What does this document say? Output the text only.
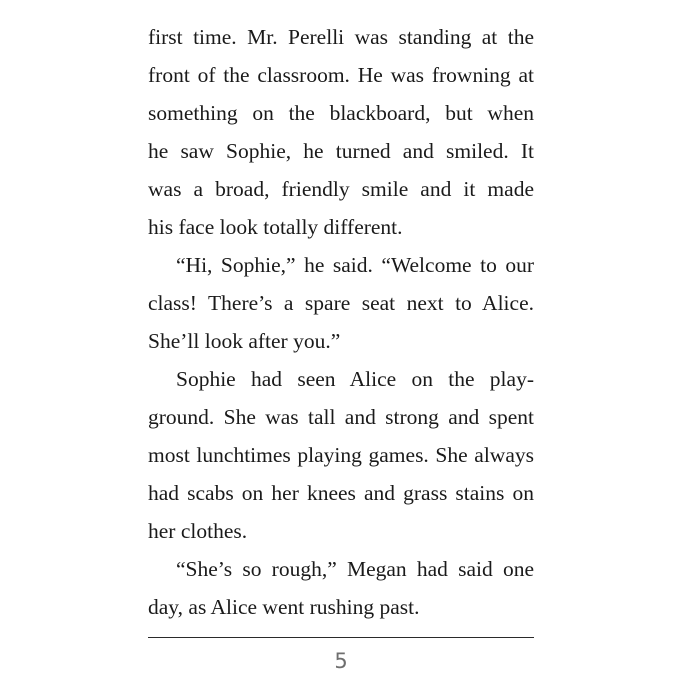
first time. Mr. Perelli was standing at the
front of the classroom. He was frowning at
something on the blackboard, but when
he saw Sophie, he turned and smiled. It
was a broad, friendly smile and it made
his face look totally different.
“Hi, Sophie,” he said. “Welcome to our
class! There’s a spare seat next to Alice.
She’ll look after you.”
Sophie had seen Alice on the play-
ground. She was tall and strong and spent
most lunchtimes playing games. She always
had scabs on her knees and grass stains on
her clothes.
“She’s so rough,” Megan had said one
day, as Alice went rushing past.
5
